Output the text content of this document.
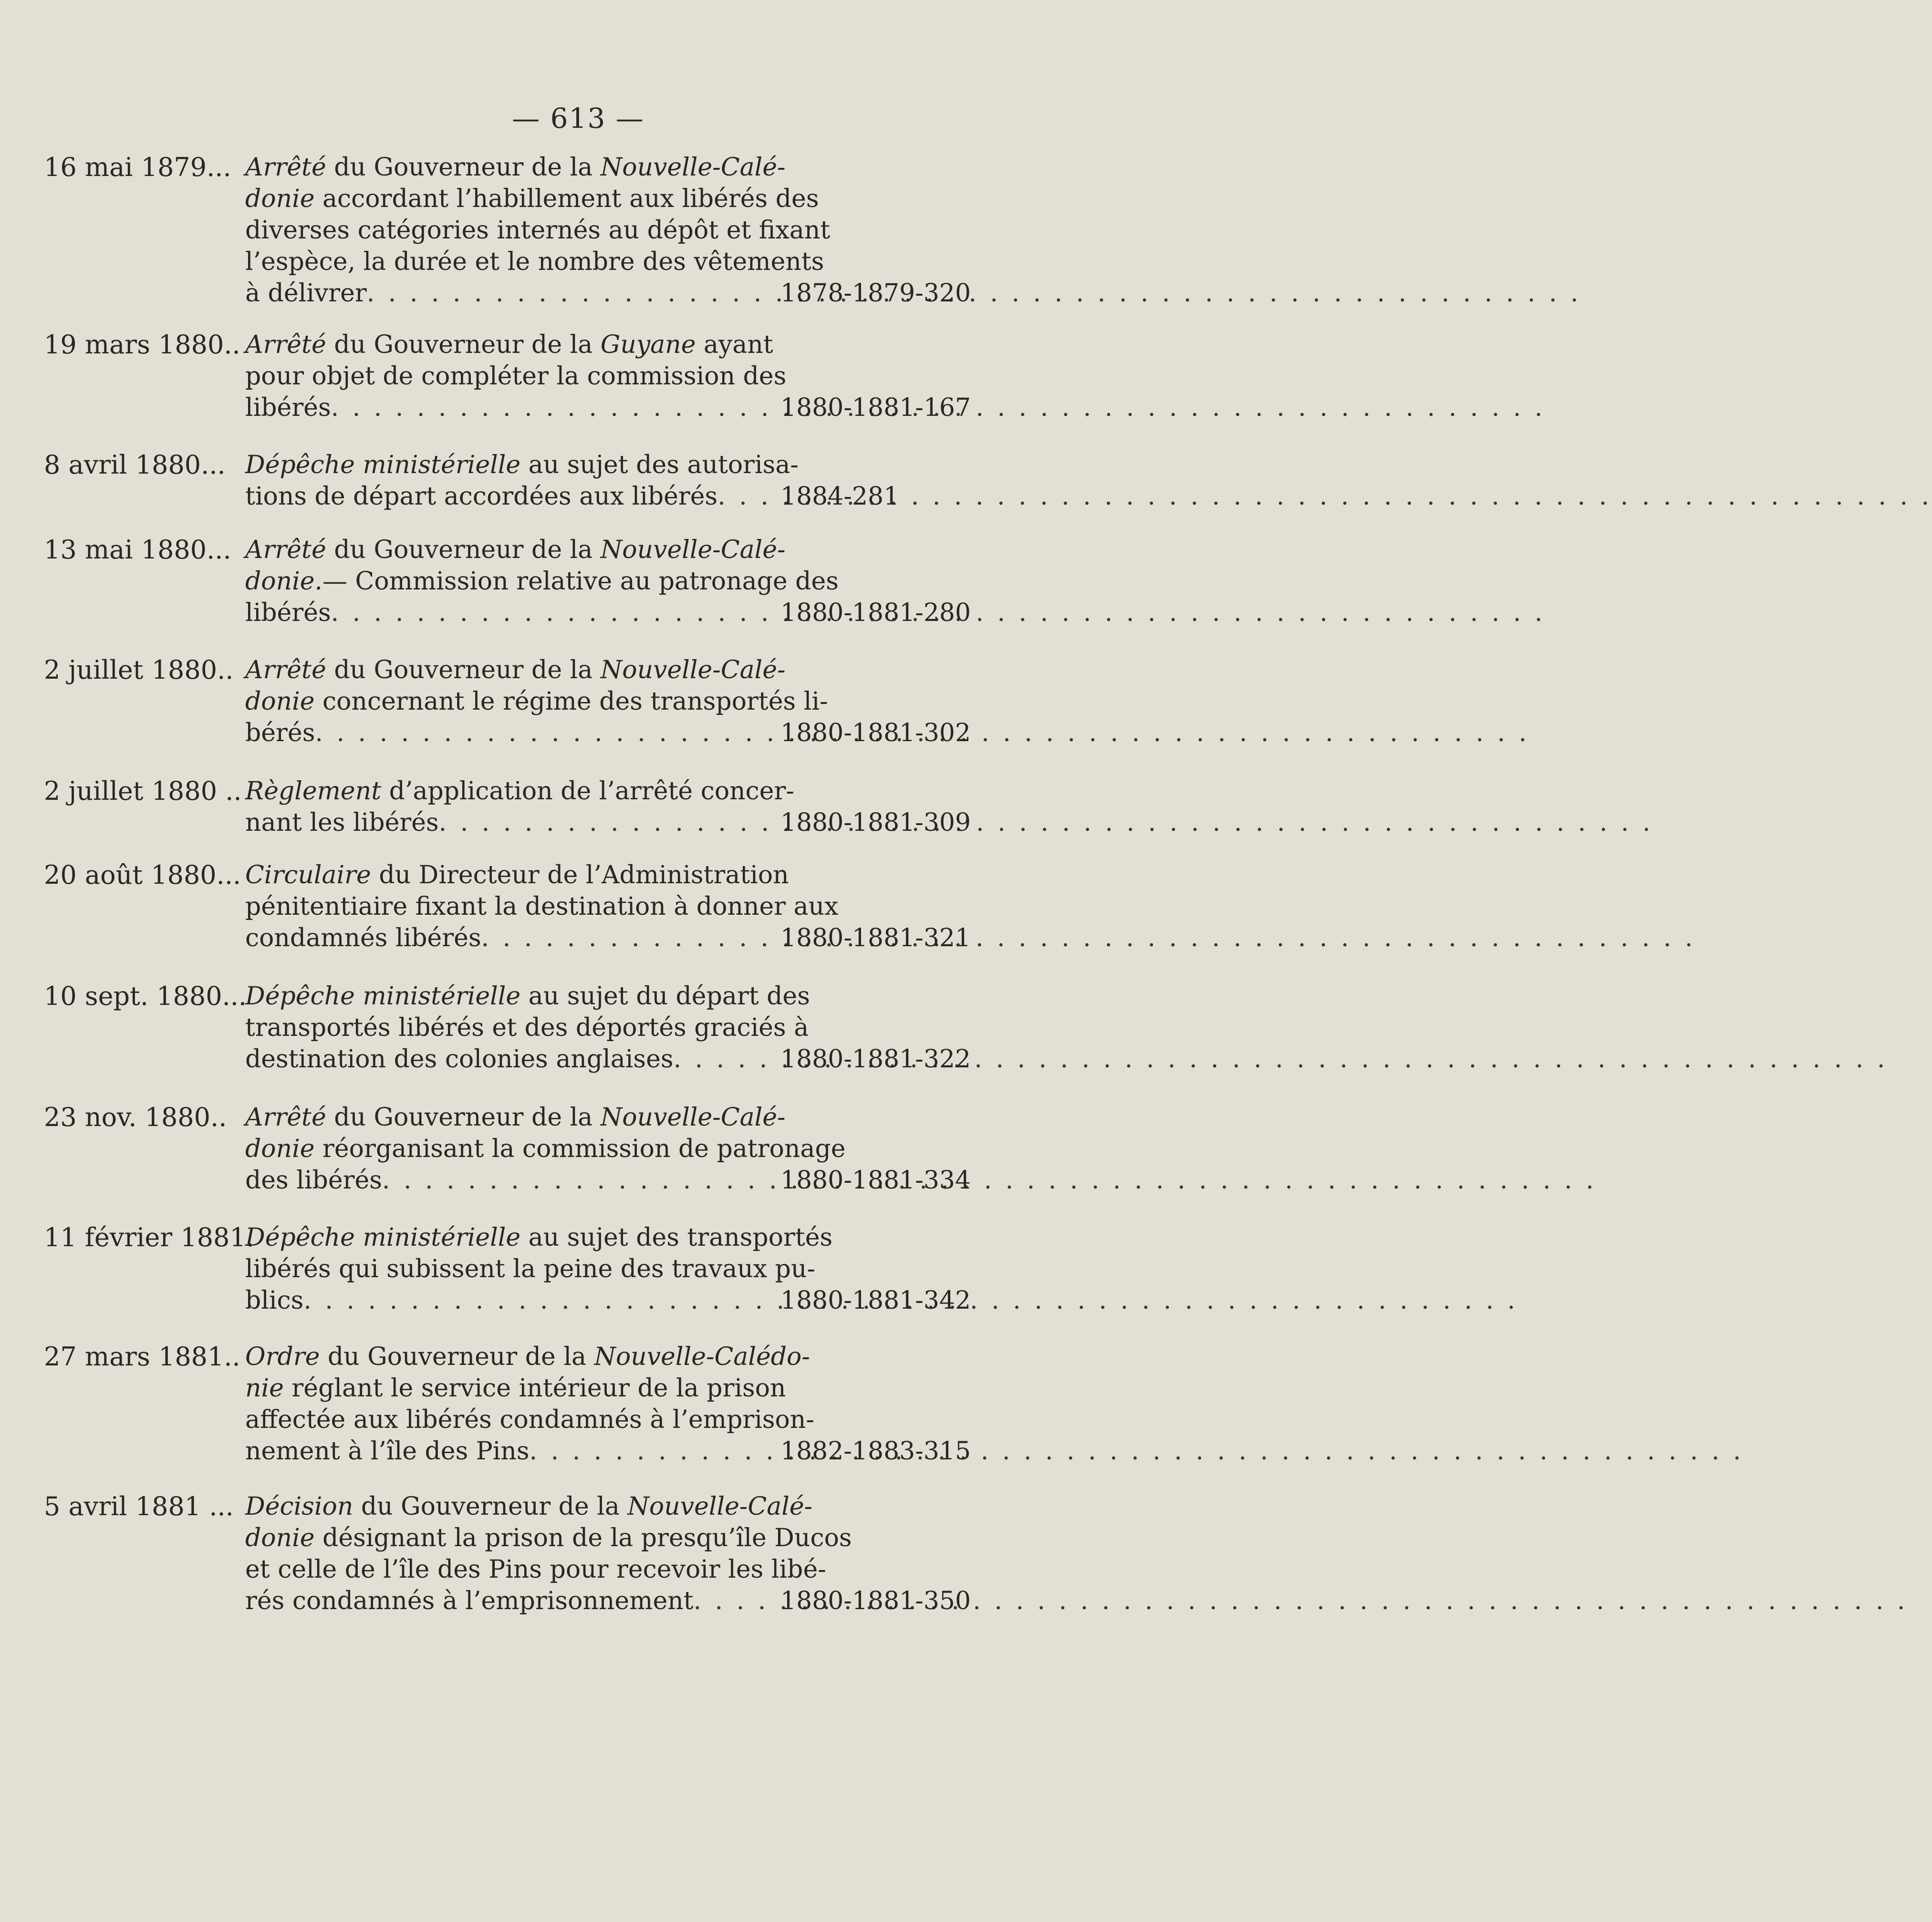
— 613 —
16 mai 1879... Arrêté du Gouverneur de la Nouvelle-Calé-
donie accordant l’habillement aux libérés des
diverses catégories internés au dépôt et fixant
l’espèce, la durée et le nombre des vêtements
à délivrer . . .	1878-1879-320
19 mars 1880.. Arrêté du Gouverneur de la Guyane ayant
pour objet de compléter la commission des
libérés . . .	1880-1881-167
8 avril 1880... Dépêche ministérielle au sujet des autorisa-
tions de départ accordées aux libérés . . .	1884-281
13 mai 1880... Arrêté du Gouverneur de la Nouvelle-Calé-
donie.— Commission relative au patronage des
libérés . . .	1880-1881-280
2 juillet 1880.. Arrêté du Gouverneur de la Nouvelle-Calé-
donie concernant le régime des transportés li-
bérés . . .	1880-1881-302
2 juillet 1880 .. Règlement d’application de l’arrêté concer-
nant les libérés . . .	1880-1881-309
20 août 1880... Circulaire du Directeur de l’Administration
pénitentiaire fixant la destination à donner aux
condamnés libérés . . .	1880-1881-321
10 sept. 1880...
Dépêche ministérielle au sujet du départ des
transportés libérés et des déportés graciés à
destination des colonies anglaises . . .	1880-1881-322
23 nov. 1880.. Arrêté du Gouverneur de la Nouvelle-Calé-
donie réorganisant la commission de patronage
des libérés . . .	1880-1881-334
11 février 1881.
Dépêche ministérielle au sujet des transportés
libérés qui subissent la peine des travaux pu-
blics . . .	1880-1881-342
27 mars 1881.. Ordre du Gouverneur de la Nouvelle-Calédo-
nie réglant le service intérieur de la prison
affectée aux libérés condamnés à l’emprison-
nement à l’île des Pins . . .	1882-1883-315
5 avril 1881 ... Décision du Gouverneur de la Nouvelle-Calé-
donie désignant la prison de la presqu’île Ducos
et celle de l’île des Pins pour recevoir les libé-
rés condamnés à l’emprisonnement . . .	1880-1881-350
